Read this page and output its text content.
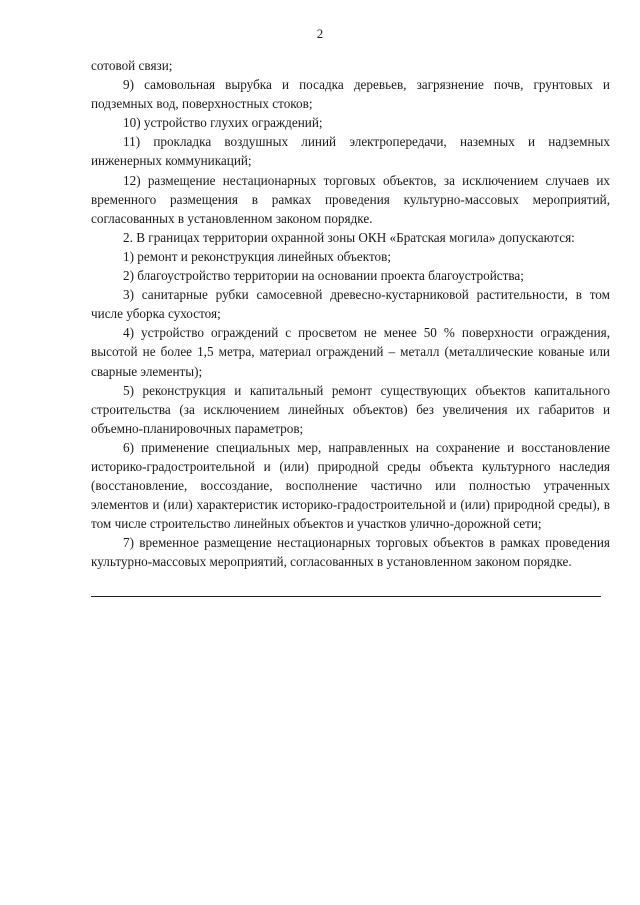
2

сотовой связи;

9) самовольная вырубка и посадка деревьев, загрязнение почв, грунтовых и подземных вод, поверхностных стоков;

10) устройство глухих ограждений;

11) прокладка воздушных линий электропередачи, наземных и надземных инженерных коммуникаций;

12) размещение нестационарных торговых объектов, за исключением случаев их временного размещения в рамках проведения культурно-массовых мероприятий, согласованных в установленном законом порядке.

2. В границах территории охранной зоны ОКН «Братская могила» допускаются:

1) ремонт и реконструкция линейных объектов;

2) благоустройство территории на основании проекта благоустройства;

3) санитарные рубки самосевной древесно-кустарниковой растительности, в том числе уборка сухостоя;

4) устройство ограждений с просветом не менее 50 % поверхности ограждения, высотой не более 1,5 метра, материал ограждений – металл (металлические кованые или сварные элементы);

5) реконструкция и капитальный ремонт существующих объектов капитального строительства (за исключением линейных объектов) без увеличения их габаритов и объемно-планировочных параметров;

6) применение специальных мер, направленных на сохранение и восстановление историко-градостроительной и (или) природной среды объекта культурного наследия (восстановление, воссоздание, восполнение частично или полностью утраченных элементов и (или) характеристик историко-градостроительной и (или) природной среды), в том числе строительство линейных объектов и участков улично-дорожной сети;

7) временное размещение нестационарных торговых объектов в рамках проведения культурно-массовых мероприятий, согласованных в установленном законом порядке.
